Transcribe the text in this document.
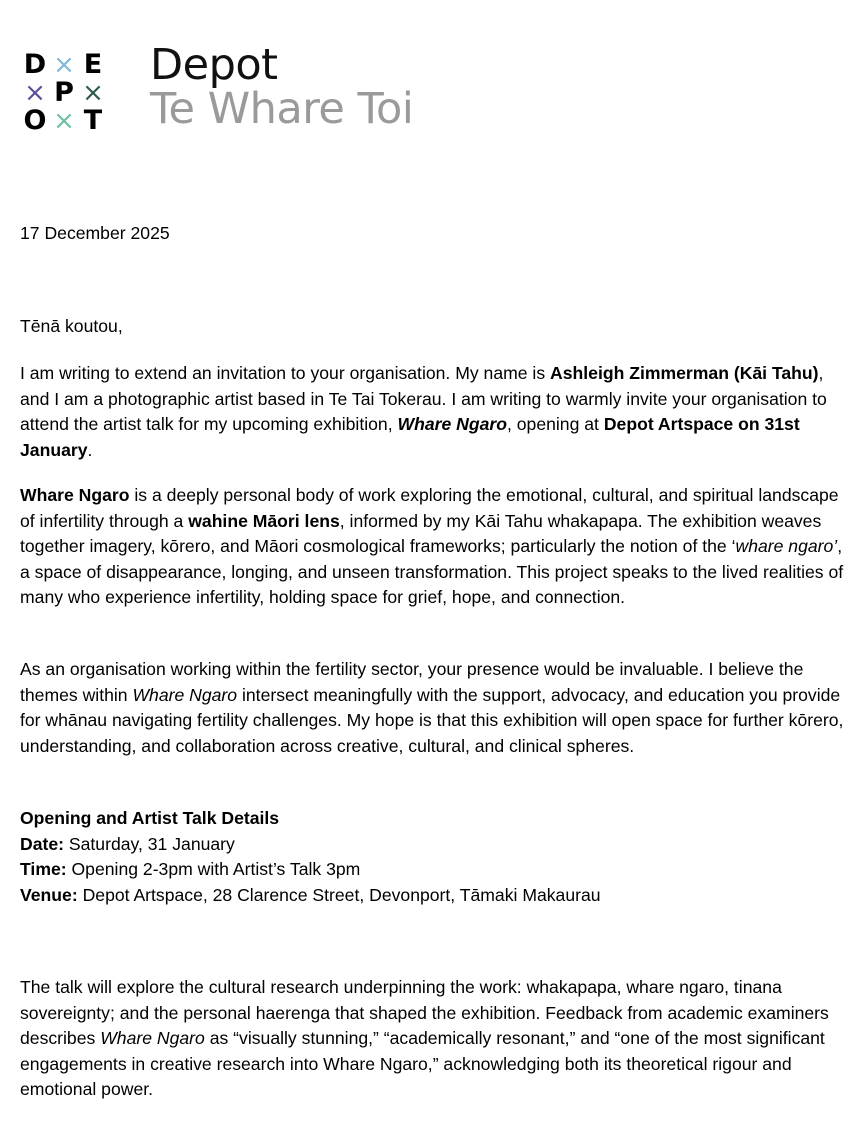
D × E
× P ×
O × T
Depot
Te Whare Toi

17 December 2025

Tēnā koutou,

I am writing to extend an invitation to your organisation. My name is Ashleigh Zimmerman (Kāi Tahu), and I am a photographic artist based in Te Tai Tokerau. I am writing to warmly invite your organisation to attend the artist talk for my upcoming exhibition, Whare Ngaro, opening at Depot Artspace on 31st January.

Whare Ngaro is a deeply personal body of work exploring the emotional, cultural, and spiritual landscape of infertility through a wahine Māori lens, informed by my Kāi Tahu whakapapa. The exhibition weaves together imagery, kōrero, and Māori cosmological frameworks; particularly the notion of the ‘whare ngaro’, a space of disappearance, longing, and unseen transformation. This project speaks to the lived realities of many who experience infertility, holding space for grief, hope, and connection.

As an organisation working within the fertility sector, your presence would be invaluable. I believe the themes within Whare Ngaro intersect meaningfully with the support, advocacy, and education you provide for whānau navigating fertility challenges. My hope is that this exhibition will open space for further kōrero, understanding, and collaboration across creative, cultural, and clinical spheres.

Opening and Artist Talk Details
Date: Saturday, 31 January
Time: Opening 2-3pm with Artist’s Talk 3pm
Venue: Depot Artspace, 28 Clarence Street, Devonport, Tāmaki Makaurau

The talk will explore the cultural research underpinning the work: whakapapa, whare ngaro, tinana sovereignty; and the personal haerenga that shaped the exhibition. Feedback from academic examiners describes Whare Ngaro as “visually stunning,” “academically resonant,” and “one of the most significant engagements in creative research into Whare Ngaro,” acknowledging both its theoretical rigour and emotional power.
